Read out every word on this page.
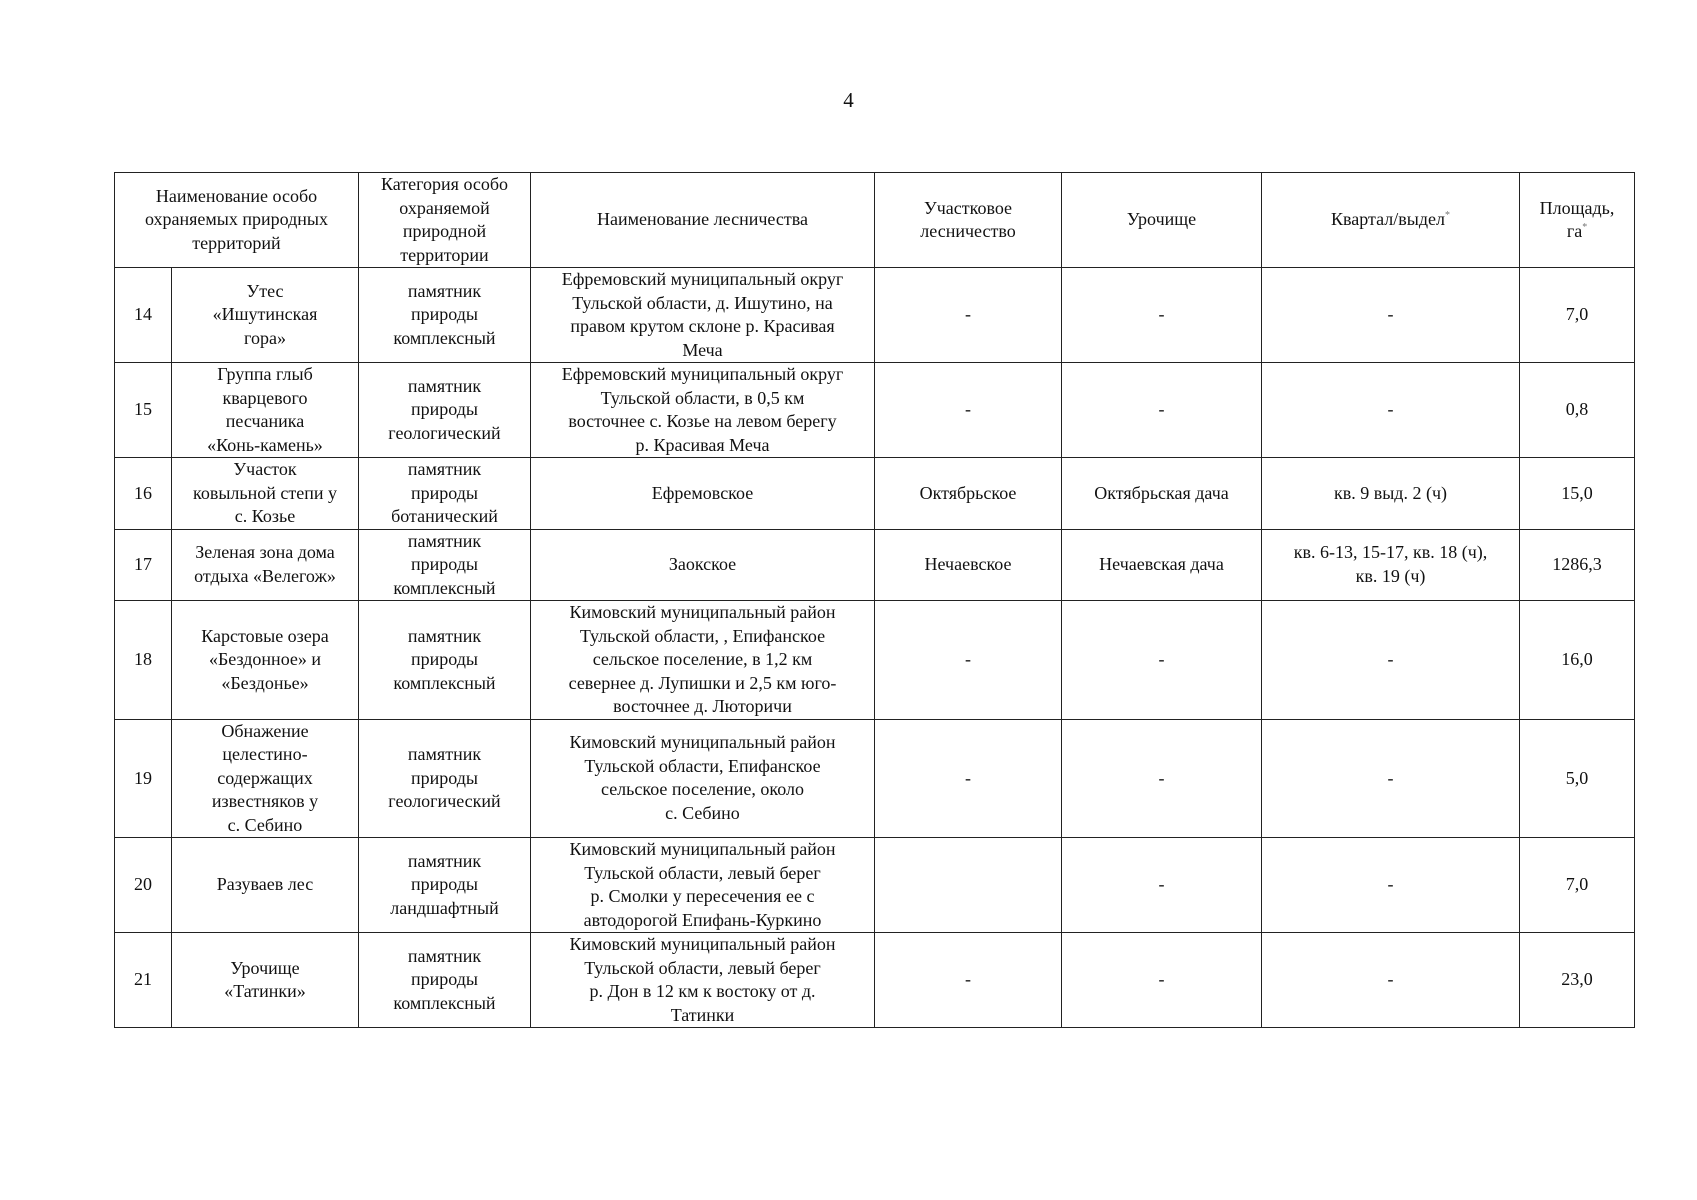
4
Наименование особо
охраняемых природных
территорий		Категория особо
охраняемой
природной
территории	Наименование лесничества	Участковое
лесничество	Урочище	Квартал/выдел*	Площадь,
га*
14	Утес
«Ишутинская
гора»	памятник
природы
комплексный	Ефремовский муниципальный округ
Тульской области, д. Ишутино, на
правом крутом склоне р. Красивая
Меча	-	-	-	7,0
15	Группа глыб
кварцевого
песчаника
«Конь-камень»	памятник
природы
геологический	Ефремовский муниципальный округ
Тульской области, в 0,5 км
восточнее с. Козье на левом берегу
р. Красивая Меча	-	-	-	0,8
16	Участок
ковыльной степи у
с. Козье	памятник
природы
ботанический	Ефремовское	Октябрьское	Октябрьская дача	кв. 9 выд. 2 (ч)	15,0
17	Зеленая зона дома
отдыха «Велегож»	памятник
природы
комплексный	Заокское	Нечаевское	Нечаевская дача	кв. 6-13, 15-17, кв. 18 (ч),
кв. 19 (ч)	1286,3
18	Карстовые озера
«Бездонное» и
«Бездонье»	памятник
природы
комплексный	Кимовский муниципальный район
Тульской области, , Епифанское
сельское поселение, в 1,2 км
севернее д. Лупишки и 2,5 км юго-
восточнее д. Люторичи	-	-	-	16,0
19	Обнажение
целестино-
содержащих
известняков у
с. Себино	памятник
природы
геологический	Кимовский муниципальный район
Тульской области, Епифанское
сельское поселение, около
с. Себино	-	-	-	5,0
20	Разуваев лес	памятник
природы
ландшафтный	Кимовский муниципальный район
Тульской области, левый берег
р. Смолки у пересечения ее с
автодорогой Епифань-Куркино		-	-	7,0
21	Урочище
«Татинки»	памятник
природы
комплексный	Кимовский муниципальный район
Тульской области, левый берег
р. Дон в 12 км к востоку от д.
Татинки	-	-	-	23,0
